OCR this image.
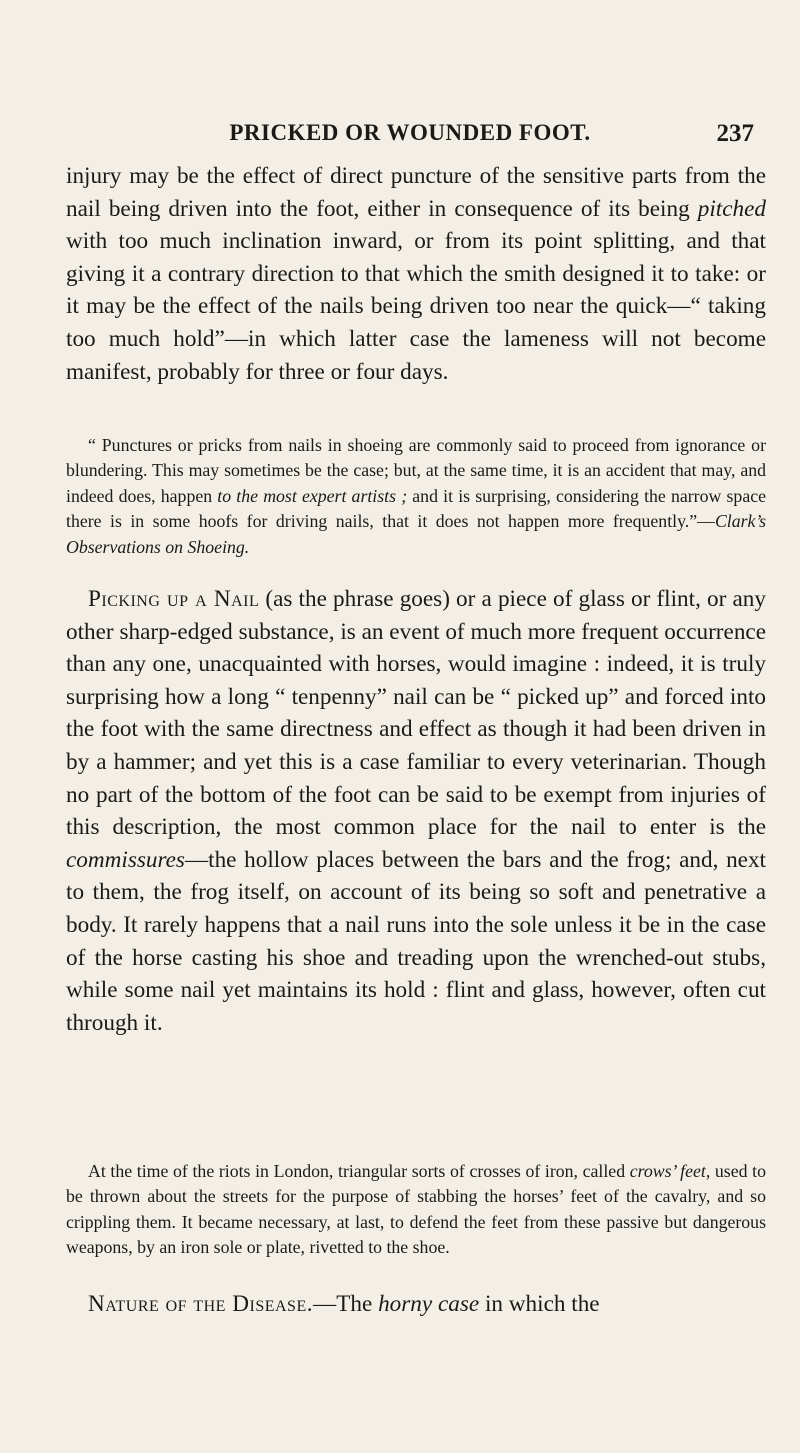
PRICKED OR WOUNDED FOOT.	237

injury may be the effect of direct puncture of the sensitive parts from the nail being driven into the foot, either in consequence of its being pitched with too much inclination inward, or from its point splitting, and that giving it a contrary direction to that which the smith designed it to take: or it may be the effect of the nails being driven too near the quick—“ taking too much hold”—in which latter case the lameness will not become manifest, probably for three or four days.

“ Punctures or pricks from nails in shoeing are commonly said to proceed from ignorance or blundering. This may sometimes be the case; but, at the same time, it is an accident that may, and indeed does, happen to the most expert artists ; and it is surprising, considering the narrow space there is in some hoofs for driving nails, that it does not happen more frequently.”—Clark’s Observations on Shoeing.

Picking up a Nail (as the phrase goes) or a piece of glass or flint, or any other sharp-edged substance, is an event of much more frequent occurrence than any one, unacquainted with horses, would imagine : indeed, it is truly surprising how a long “ tenpenny” nail can be “ picked up” and forced into the foot with the same directness and effect as though it had been driven in by a hammer; and yet this is a case familiar to every veterinarian. Though no part of the bottom of the foot can be said to be exempt from injuries of this description, the most common place for the nail to enter is the commissures—the hollow places between the bars and the frog; and, next to them, the frog itself, on account of its being so soft and penetrative a body. It rarely happens that a nail runs into the sole unless it be in the case of the horse casting his shoe and treading upon the wrenched-out stubs, while some nail yet maintains its hold : flint and glass, however, often cut through it.

At the time of the riots in London, triangular sorts of crosses of iron, called crows’ feet, used to be thrown about the streets for the purpose of stabbing the horses’ feet of the cavalry, and so crippling them. It became necessary, at last, to defend the feet from these passive but dangerous weapons, by an iron sole or plate, rivetted to the shoe.

Nature of the Disease.—The horny case in which the
